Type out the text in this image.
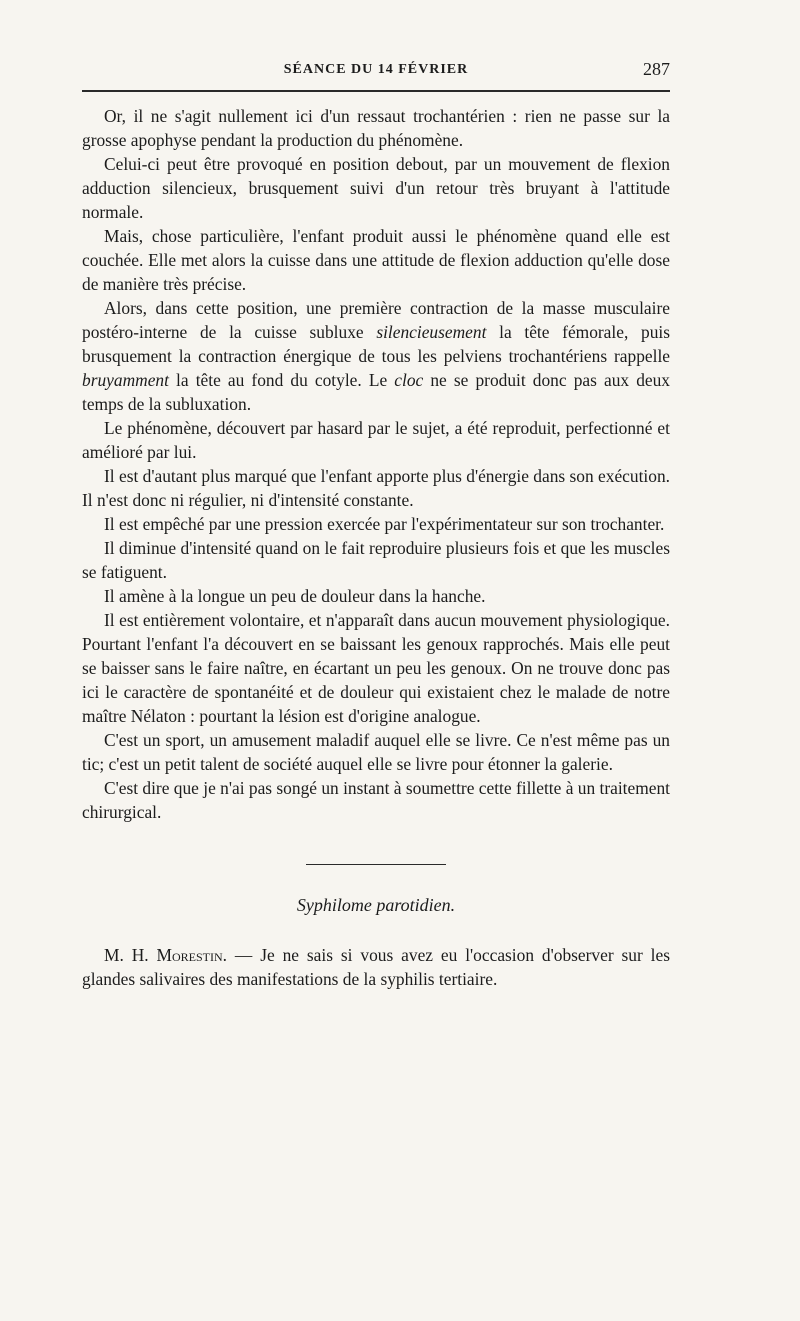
SÉANCE DU 14 FÉVRIER	287

Or, il ne s'agit nullement ici d'un ressaut trochantérien : rien ne passe sur la grosse apophyse pendant la production du phénomène.

Celui-ci peut être provoqué en position debout, par un mouvement de flexion adduction silencieux, brusquement suivi d'un retour très bruyant à l'attitude normale.

Mais, chose particulière, l'enfant produit aussi le phénomène quand elle est couchée. Elle met alors la cuisse dans une attitude de flexion adduction qu'elle dose de manière très précise.

Alors, dans cette position, une première contraction de la masse musculaire postéro-interne de la cuisse subluxe silencieusement la tête fémorale, puis brusquement la contraction énergique de tous les pelviens trochantériens rappelle bruyamment la tête au fond du cotyle. Le cloc ne se produit donc pas aux deux temps de la subluxation.

Le phénomène, découvert par hasard par le sujet, a été reproduit, perfectionné et amélioré par lui.

Il est d'autant plus marqué que l'enfant apporte plus d'énergie dans son exécution. Il n'est donc ni régulier, ni d'intensité constante.

Il est empêché par une pression exercée par l'expérimentateur sur son trochanter.

Il diminue d'intensité quand on le fait reproduire plusieurs fois et que les muscles se fatiguent.

Il amène à la longue un peu de douleur dans la hanche.

Il est entièrement volontaire, et n'apparaît dans aucun mouvement physiologique. Pourtant l'enfant l'a découvert en se baissant les genoux rapprochés. Mais elle peut se baisser sans le faire naître, en écartant un peu les genoux. On ne trouve donc pas ici le caractère de spontanéité et de douleur qui existaient chez le malade de notre maître Nélaton : pourtant la lésion est d'origine analogue.

C'est un sport, un amusement maladif auquel elle se livre. Ce n'est même pas un tic; c'est un petit talent de société auquel elle se livre pour étonner la galerie.

C'est dire que je n'ai pas songé un instant à soumettre cette fillette à un traitement chirurgical.

Syphilome parotidien.

M. H. Morestin. — Je ne sais si vous avez eu l'occasion d'observer sur les glandes salivaires des manifestations de la syphilis tertiaire.
